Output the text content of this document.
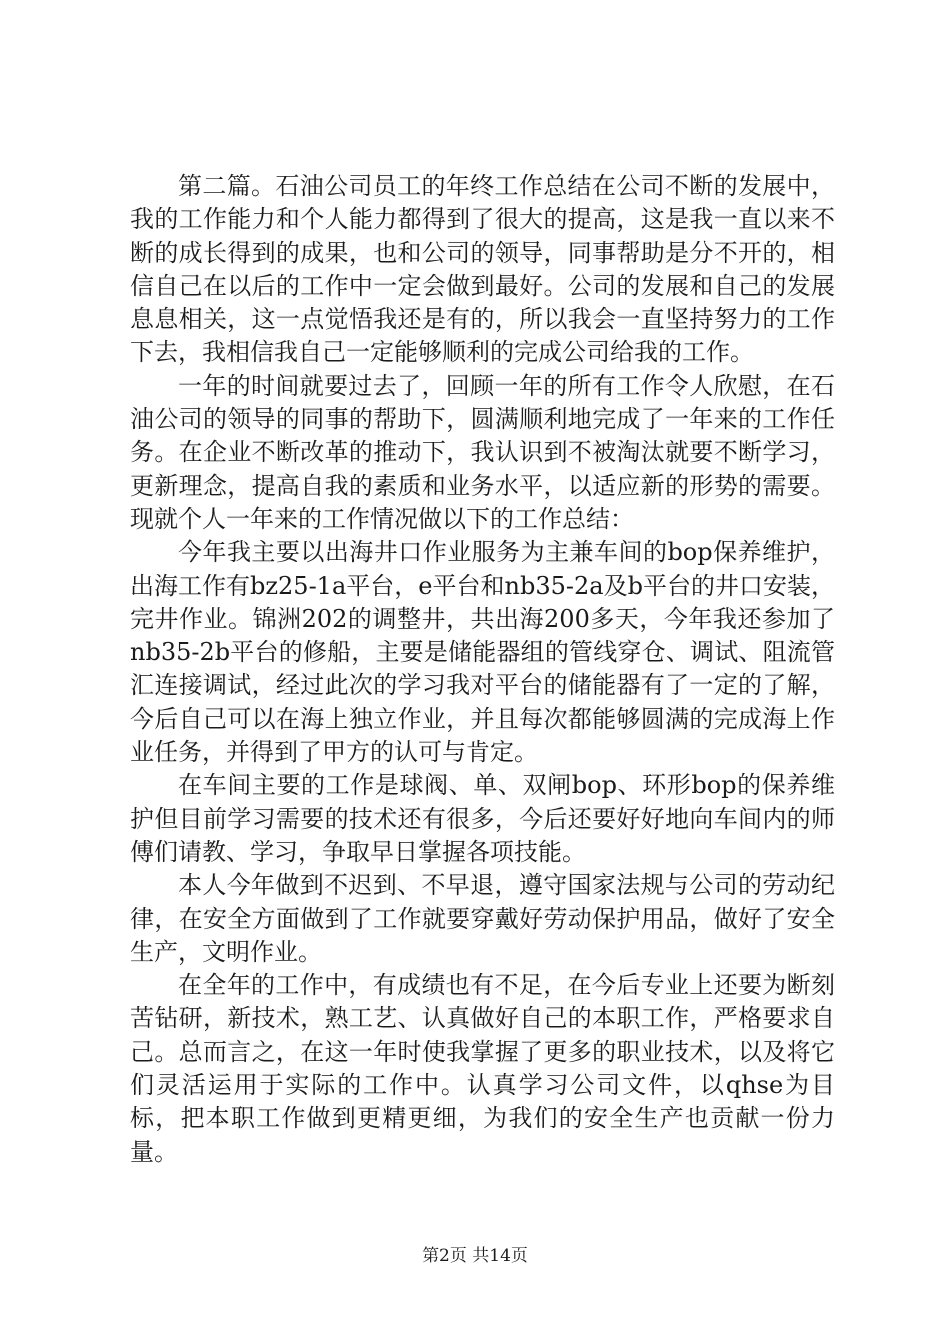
第二篇。石油公司员工的年终工作总结在公司不断的发展中，我的工作能力和个人能力都得到了很大的提高，这是我一直以来不断的成长得到的成果，也和公司的领导，同事帮助是分不开的，相信自己在以后的工作中一定会做到最好。公司的发展和自己的发展息息相关，这一点觉悟我还是有的，所以我会一直坚持努力的工作下去，我相信我自己一定能够顺利的完成公司给我的工作。

一年的时间就要过去了，回顾一年的所有工作令人欣慰，在石油公司的领导的同事的帮助下，圆满顺利地完成了一年来的工作任务。在企业不断改革的推动下，我认识到不被淘汰就要不断学习，更新理念，提高自我的素质和业务水平，以适应新的形势的需要。现就个人一年来的工作情况做以下的工作总结：

今年我主要以出海井口作业服务为主兼车间的bop保养维护，出海工作有bz25-1a平台，e平台和nb35-2a及b平台的井口安装，完井作业。锦洲202的调整井，共出海200多天，今年我还参加了nb35-2b平台的修船，主要是储能器组的管线穿仓、调试、阻流管汇连接调试，经过此次的学习我对平台的储能器有了一定的了解，今后自己可以在海上独立作业，并且每次都能够圆满的完成海上作业任务，并得到了甲方的认可与肯定。

在车间主要的工作是球阀、单、双闸bop、环形bop的保养维护但目前学习需要的技术还有很多，今后还要好好地向车间内的师傅们请教、学习，争取早日掌握各项技能。

本人今年做到不迟到、不早退，遵守国家法规与公司的劳动纪律，在安全方面做到了工作就要穿戴好劳动保护用品，做好了安全生产，文明作业。

在全年的工作中，有成绩也有不足，在今后专业上还要为断刻苦钻研，新技术，熟工艺、认真做好自己的本职工作，严格要求自己。总而言之，在这一年时使我掌握了更多的职业技术，以及将它们灵活运用于实际的工作中。认真学习公司文件，以qhse为目标，把本职工作做到更精更细，为我们的安全生产也贡献一份力量。

第2页 共14页
